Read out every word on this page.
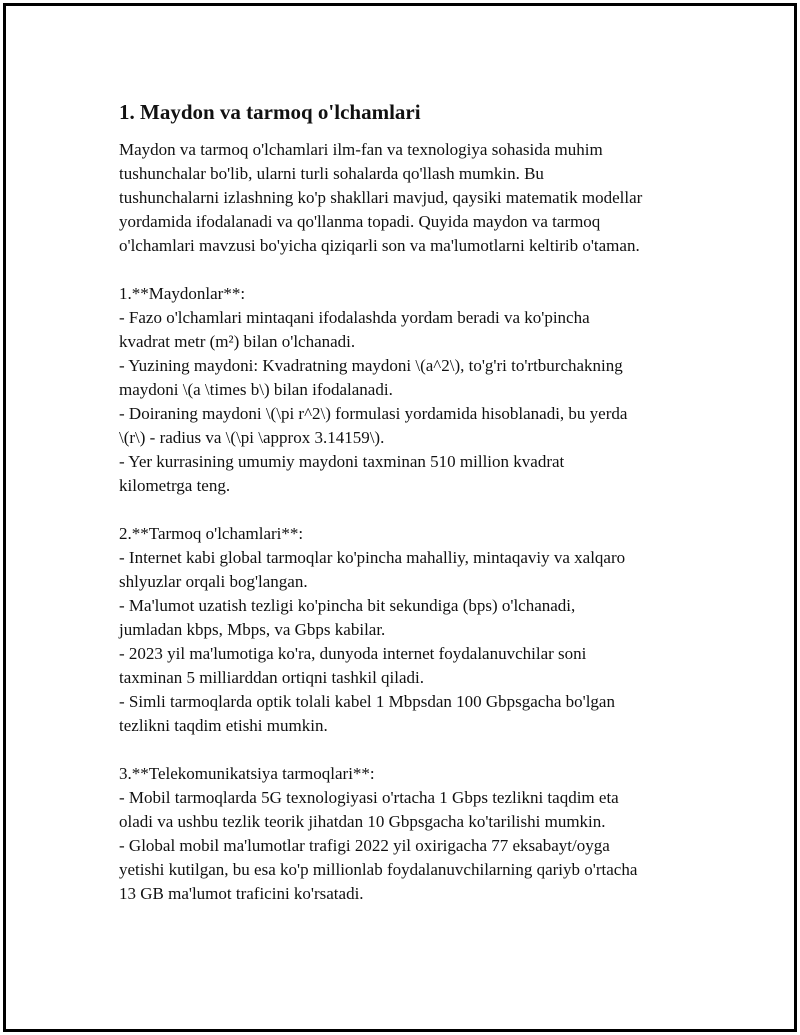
1. Maydon va tarmoq o'lchamlari

Maydon va tarmoq o'lchamlari ilm-fan va texnologiya sohasida muhim
tushunchalar bo'lib, ularni turli sohalarda qo'llash mumkin. Bu
tushunchalarni izlashning ko'p shakllari mavjud, qaysiki matematik modellar
yordamida ifodalanadi va qo'llanma topadi. Quyida maydon va tarmoq
o'lchamlari mavzusi bo'yicha qiziqarli son va ma'lumotlarni keltirib o'taman.

1.**Maydonlar**:

- Fazo o'lchamlari mintaqani ifodalashda yordam beradi va ko'pincha
kvadrat metr (m²) bilan o'lchanadi.
- Yuzining maydoni: Kvadratning maydoni \(a^2\), to'g'ri to'rtburchakning
maydoni \(a \times b\) bilan ifodalanadi.
- Doiraning maydoni \(\pi r^2\) formulasi yordamida hisoblanadi, bu yerda
\(r\) - radius va \(\pi \approx 3.14159\).
- Yer kurrasining umumiy maydoni taxminan 510 million kvadrat
kilometrga teng.

2.**Tarmoq o'lchamlari**:

- Internet kabi global tarmoqlar ko'pincha mahalliy, mintaqaviy va xalqaro
shlyuzlar orqali bog'langan.
- Ma'lumot uzatish tezligi ko'pincha bit sekundiga (bps) o'lchanadi,
jumladan kbps, Mbps, va Gbps kabilar.
- 2023 yil ma'lumotiga ko'ra, dunyoda internet foydalanuvchilar soni
taxminan 5 milliarddan ortiqni tashkil qiladi.
- Simli tarmoqlarda optik tolali kabel 1 Mbpsdan 100 Gbpsgacha bo'lgan
tezlikni taqdim etishi mumkin.

3.**Telekomunikatsiya tarmoqlari**:

- Mobil tarmoqlarda 5G texnologiyasi o'rtacha 1 Gbps tezlikni taqdim eta
oladi va ushbu tezlik teorik jihatdan 10 Gbpsgacha ko'tarilishi mumkin.
- Global mobil ma'lumotlar trafigi 2022 yil oxirigacha 77 eksabayt/oyga
yetishi kutilgan, bu esa ko'p millionlab foydalanuvchilarning qariyb o'rtacha
13 GB ma'lumot traficini ko'rsatadi.
